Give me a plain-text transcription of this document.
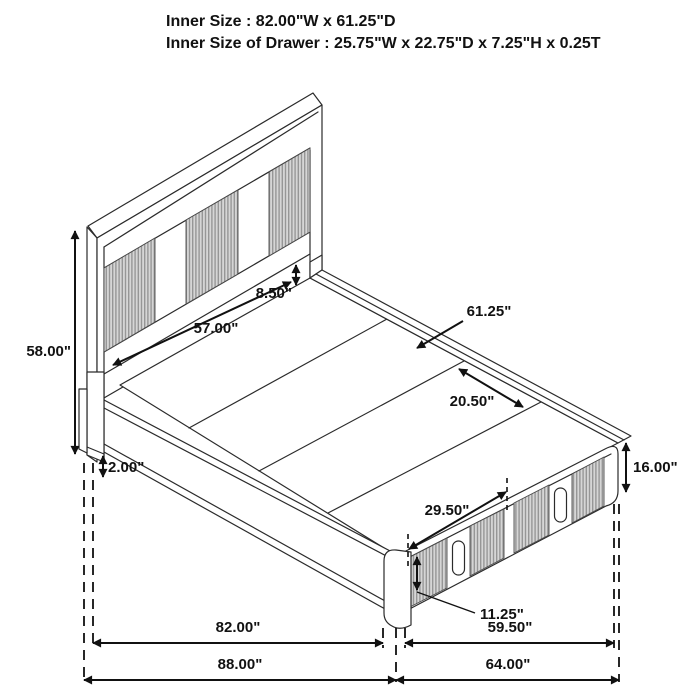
Inner Size : 82.00"W x 61.25"D
Inner Size of Drawer : 25.75"W x 22.75"D x 7.25"H x 0.25T
58.00"
2.00"
57.00"
8.50"
61.25"
20.50"
16.00"
29.50"
11.25"
82.00"
88.00"
59.50"
64.00"
